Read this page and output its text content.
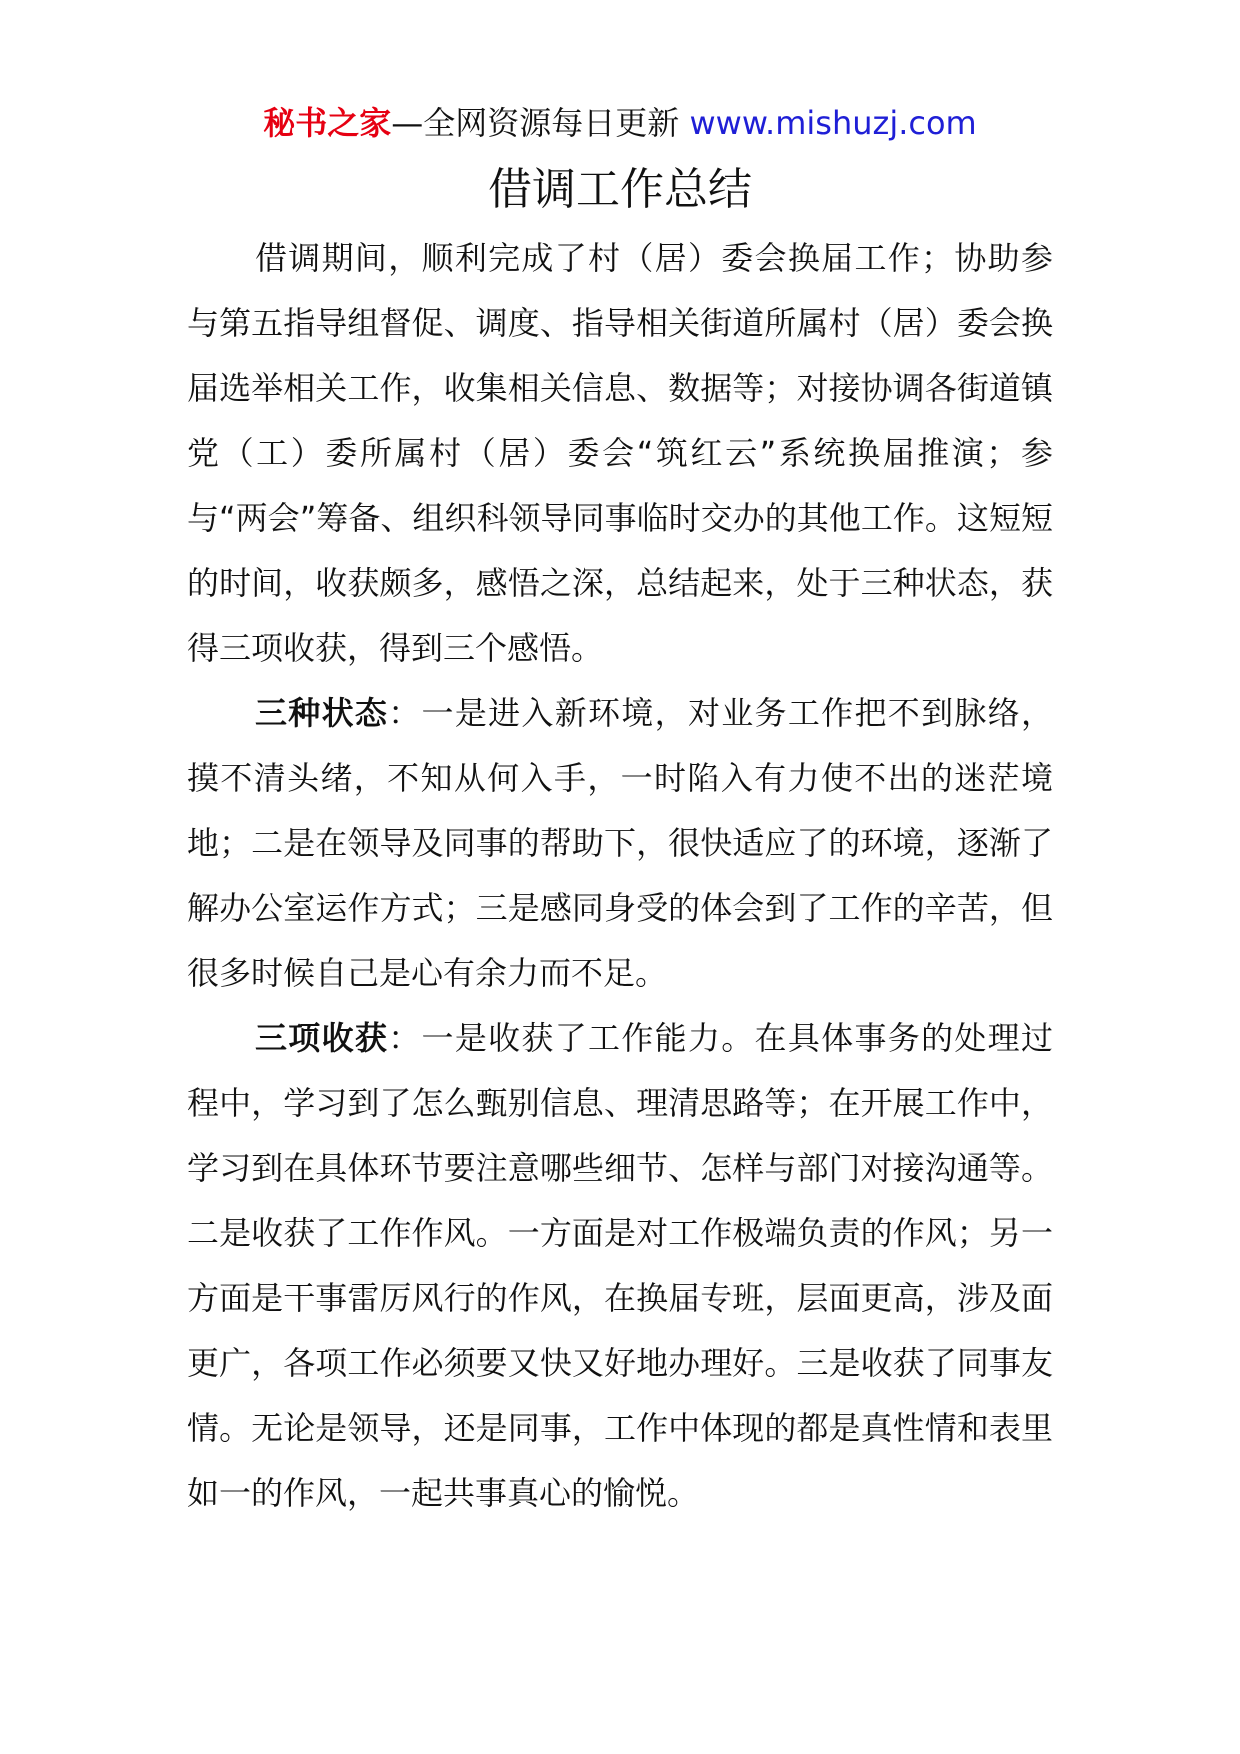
秘书之家—全网资源每日更新 www.mishuzj.com
借调工作总结

借调期间，顺利完成了村（居）委会换届工作；协助参与第五指导组督促、调度、指导相关街道所属村（居）委会换届选举相关工作，收集相关信息、数据等；对接协调各街道镇党（工）委所属村（居）委会“筑红云”系统换届推演；参与“两会”筹备、组织科领导同事临时交办的其他工作。这短短的时间，收获颇多，感悟之深，总结起来，处于三种状态，获得三项收获，得到三个感悟。

三种状态：一是进入新环境，对业务工作把不到脉络，摸不清头绪，不知从何入手，一时陷入有力使不出的迷茫境地；二是在领导及同事的帮助下，很快适应了的环境，逐渐了解办公室运作方式；三是感同身受的体会到了工作的辛苦，但很多时候自己是心有余力而不足。

三项收获：一是收获了工作能力。在具体事务的处理过程中，学习到了怎么甄别信息、理清思路等；在开展工作中，学习到在具体环节要注意哪些细节、怎样与部门对接沟通等。二是收获了工作作风。一方面是对工作极端负责的作风；另一方面是干事雷厉风行的作风，在换届专班，层面更高，涉及面更广，各项工作必须要又快又好地办理好。三是收获了同事友情。无论是领导，还是同事，工作中体现的都是真性情和表里如一的作风，一起共事真心的愉悦。
